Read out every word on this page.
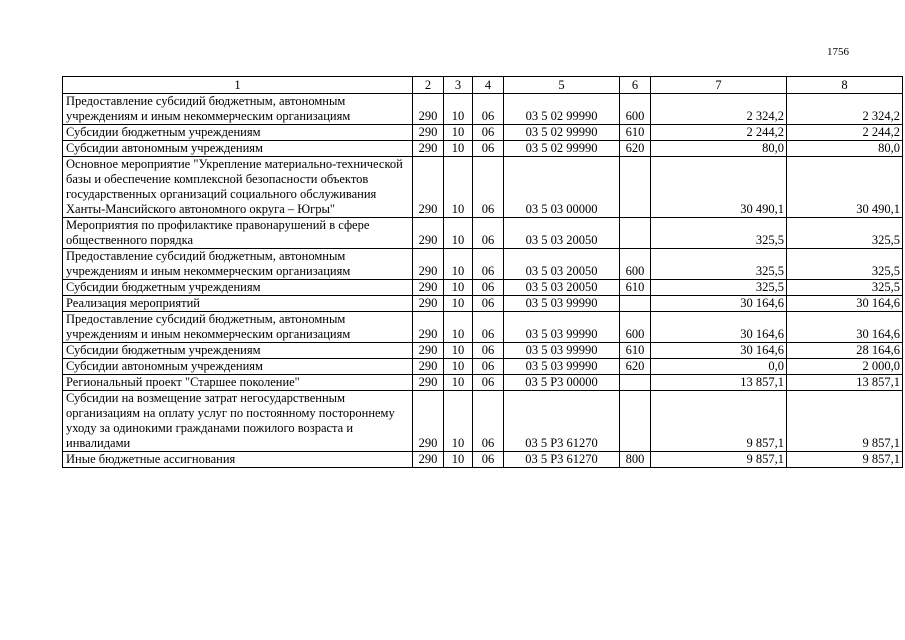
1756
1	2	3	4	5	6	7	8
Предоставление субсидий бюджетным, автономным учреждениям и иным некоммерческим организациям	290	10	06	03 5 02 99990	600	2 324,2	2 324,2
Субсидии бюджетным учреждениям	290	10	06	03 5 02 99990	610	2 244,2	2 244,2
Субсидии автономным учреждениям	290	10	06	03 5 02 99990	620	80,0	80,0
Основное мероприятие "Укрепление материально-технической базы и обеспечение комплексной безопасности объектов государственных организаций социального обслуживания Ханты-Мансийского автономного округа – Югры"	290	10	06	03 5 03 00000		30 490,1	30 490,1
Мероприятия по профилактике правонарушений в сфере общественного порядка	290	10	06	03 5 03 20050		325,5	325,5
Предоставление субсидий бюджетным, автономным учреждениям и иным некоммерческим организациям	290	10	06	03 5 03 20050	600	325,5	325,5
Субсидии бюджетным учреждениям	290	10	06	03 5 03 20050	610	325,5	325,5
Реализация мероприятий	290	10	06	03 5 03 99990		30 164,6	30 164,6
Предоставление субсидий бюджетным, автономным учреждениям и иным некоммерческим организациям	290	10	06	03 5 03 99990	600	30 164,6	30 164,6
Субсидии бюджетным учреждениям	290	10	06	03 5 03 99990	610	30 164,6	28 164,6
Субсидии автономным учреждениям	290	10	06	03 5 03 99990	620	0,0	2 000,0
Региональный проект "Старшее поколение"	290	10	06	03 5 P3 00000		13 857,1	13 857,1
Субсидии на возмещение затрат негосударственным организациям на оплату услуг по постоянному постороннему уходу за одинокими гражданами пожилого возраста и инвалидами	290	10	06	03 5 P3 61270		9 857,1	9 857,1
Иные бюджетные ассигнования	290	10	06	03 5 P3 61270	800	9 857,1	9 857,1
